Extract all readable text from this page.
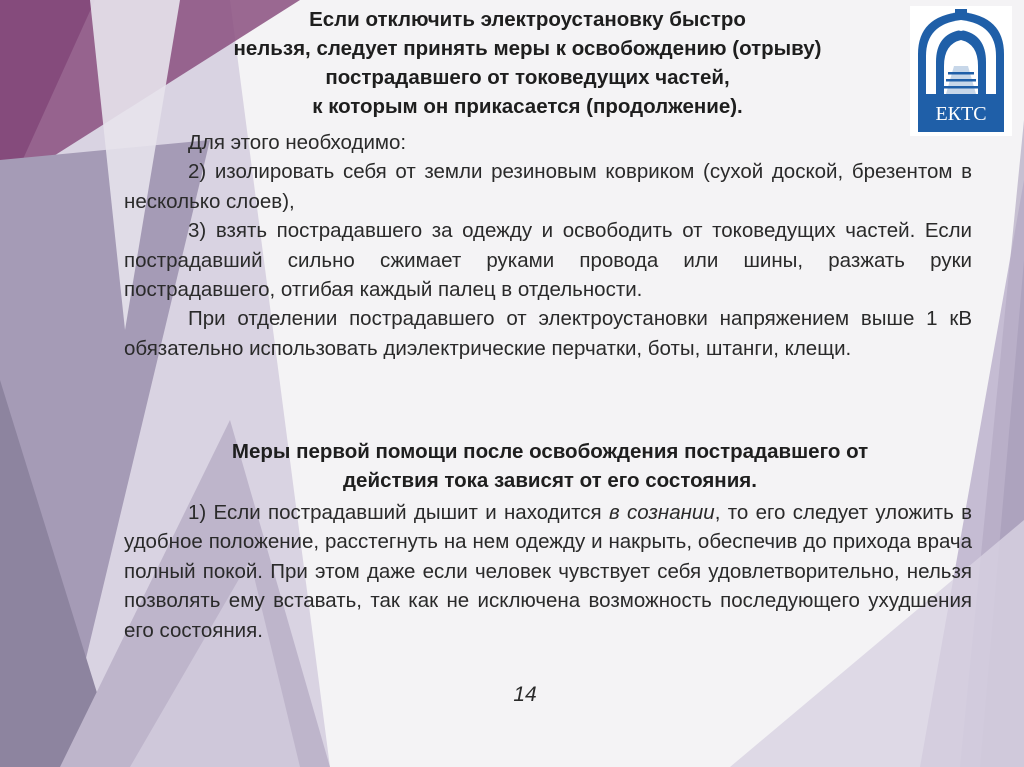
Если отключить электроустановку быстро
нельзя, следует принять меры к освобождению (отрыву)
пострадавшего от токоведущих частей,
к которым он прикасается (продолжение).

Для этого необходимо:

2) изолировать себя от земли резиновым ковриком (сухой доской, брезентом в несколько слоев),

3) взять пострадавшего за одежду и освободить от токоведущих частей. Если пострадавший сильно сжимает руками провода или шины, разжать руки пострадавшего, отгибая каждый палец в отдельности.

При отделении пострадавшего от электроустановки напряжением выше 1 кВ обязательно использовать диэлектрические перчатки, боты, штанги, клещи.

Меры первой помощи после освобождения пострадавшего от
действия тока зависят от его состояния.

1) Если пострадавший дышит и находится в сознании, то его следует уложить в удобное положение, расстегнуть на нем одежду и накрыть, обеспечив до прихода врача полный покой. При этом даже если человек чувствует себя удовлетворительно, нельзя позволять ему вставать, так как не исключена возможность последующего ухудшения его состояния.

14
ЕКТС
